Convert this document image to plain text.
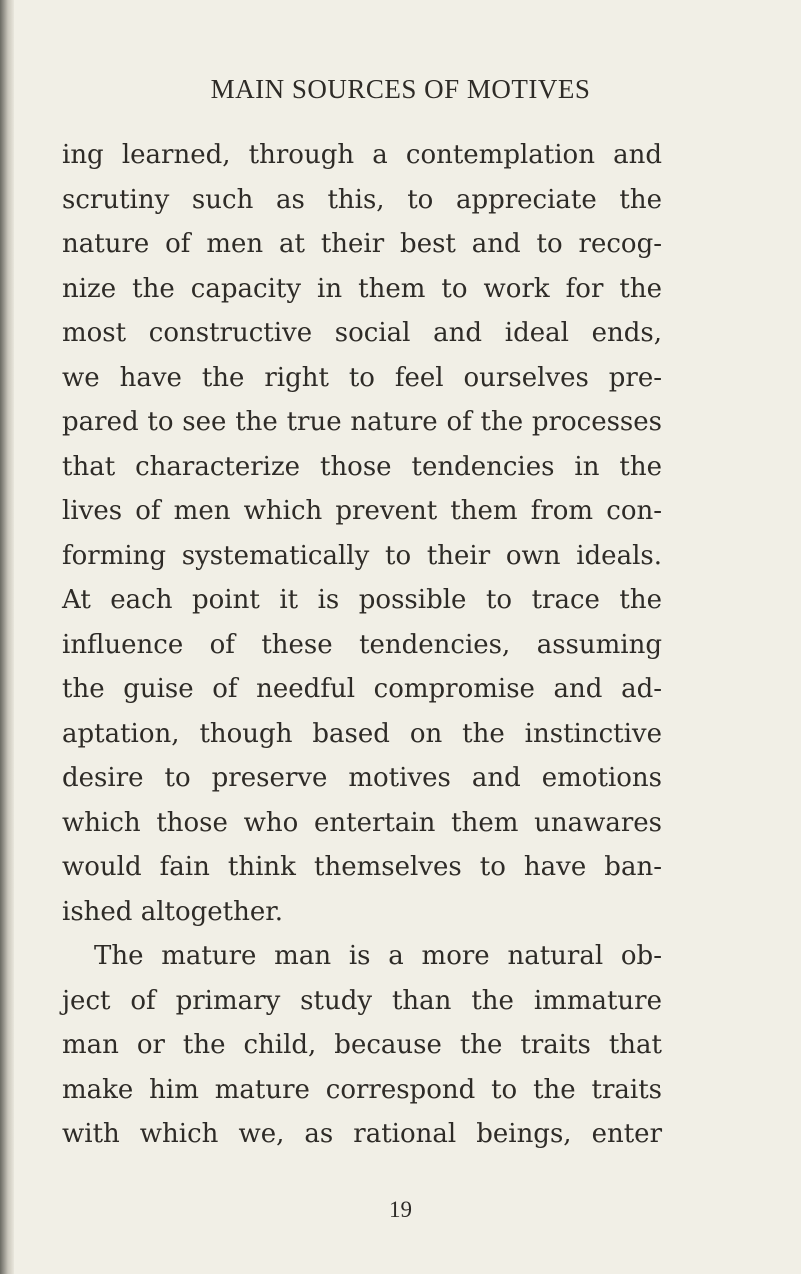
MAIN SOURCES OF MOTIVES
ing learned, through a contemplation and
scrutiny such as this, to appreciate the
nature of men at their best and to recog-
nize the capacity in them to work for the
most constructive social and ideal ends,
we have the right to feel ourselves pre-
pared to see the true nature of the processes
that characterize those tendencies in the
lives of men which prevent them from con-
forming systematically to their own ideals.
At each point it is possible to trace the
influence of these tendencies, assuming
the guise of needful compromise and ad-
aptation, though based on the instinctive
desire to preserve motives and emotions
which those who entertain them unawares
would fain think themselves to have ban-
ished altogether.
The mature man is a more natural ob-
ject of primary study than the immature
man or the child, because the traits that
make him mature correspond to the traits
with which we, as rational beings, enter
19
